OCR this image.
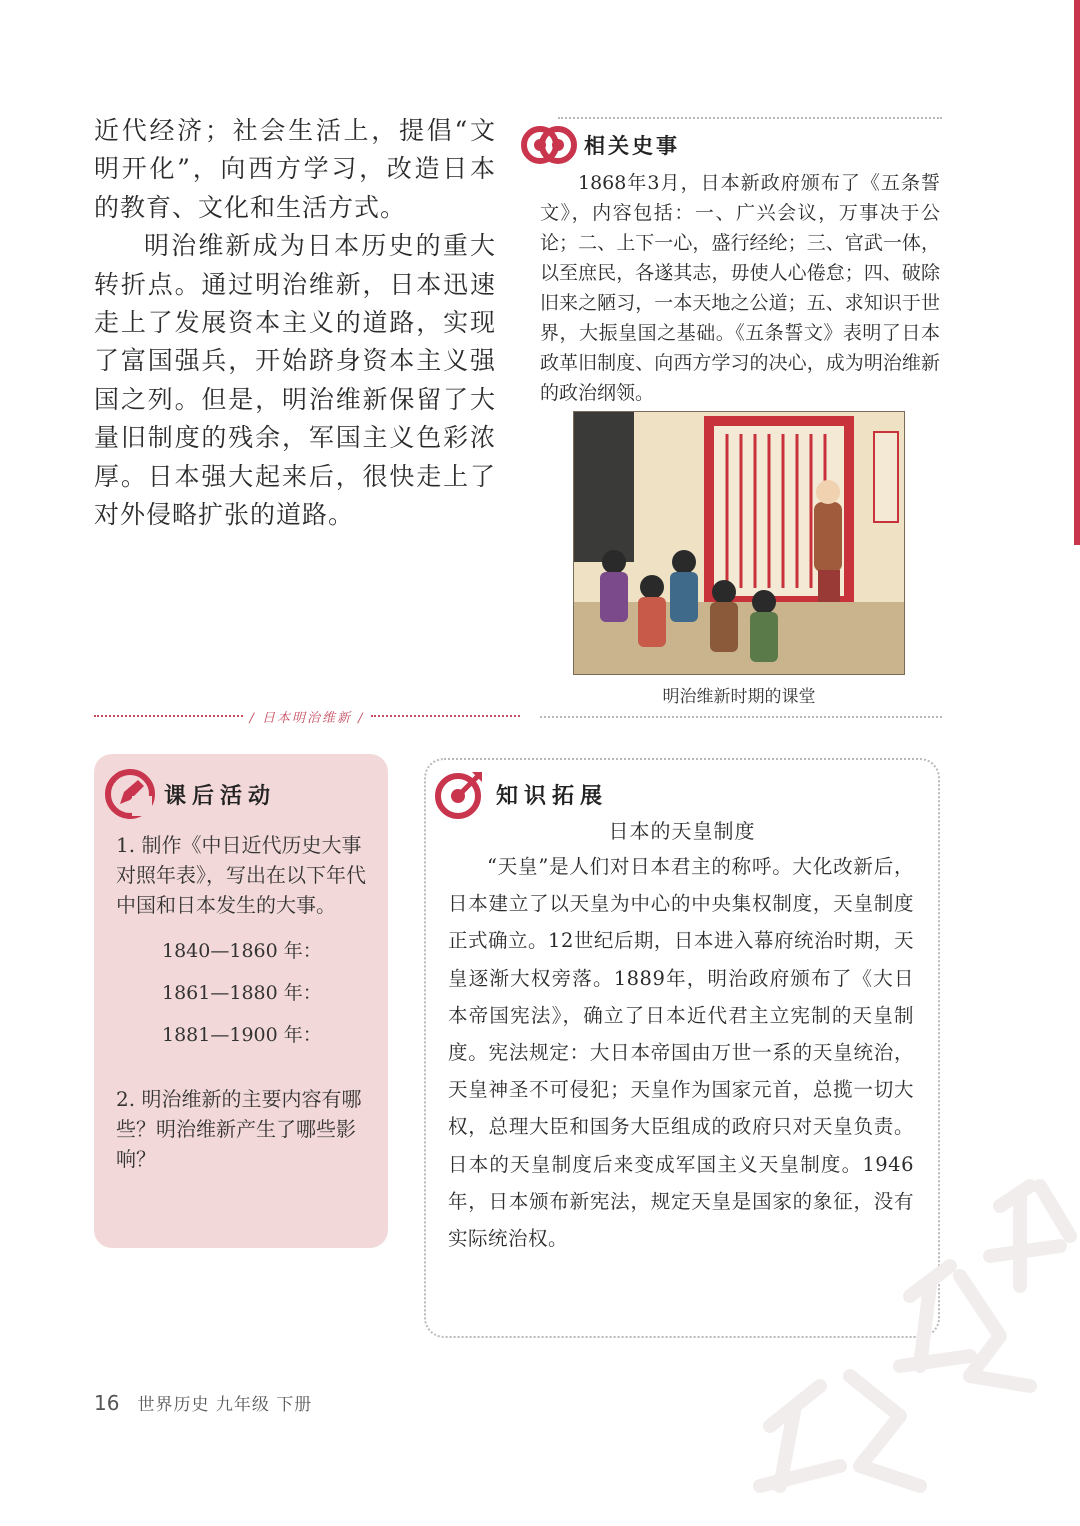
近代经济；社会生活上，提倡“文明开化”，向西方学习，改造日本的教育、文化和生活方式。

明治维新成为日本历史的重大转折点。通过明治维新，日本迅速走上了发展资本主义的道路，实现了富国强兵，开始跻身资本主义强国之列。但是，明治维新保留了大量旧制度的残余，军国主义色彩浓厚。日本强大起来后，很快走上了对外侵略扩张的道路。

相关史事

1868年3月，日本新政府颁布了《五条誓文》，内容包括：一、广兴会议，万事决于公论；二、上下一心，盛行经纶；三、官武一体，以至庶民，各遂其志，毋使人心倦怠；四、破除旧来之陋习，一本天地之公道；五、求知识于世界，大振皇国之基础。《五条誓文》表明了日本政革旧制度、向西方学习的决心，成为明治维新的政治纲领。

明治维新时期的课堂
/ 日本明治维新 /
课后活动

1. 制作《中日近代历史大事对照年表》，写出在以下年代中国和日本发生的大事。

1840—1860 年：

1861—1880 年：

1881—1900 年：

2. 明治维新的主要内容有哪些？明治维新产生了哪些影响？

知识拓展
日本的天皇制度

“天皇”是人们对日本君主的称呼。大化改新后，日本建立了以天皇为中心的中央集权制度，天皇制度正式确立。12世纪后期，日本进入幕府统治时期，天皇逐渐大权旁落。1889年，明治政府颁布了《大日本帝国宪法》，确立了日本近代君主立宪制的天皇制度。宪法规定：大日本帝国由万世一系的天皇统治，天皇神圣不可侵犯；天皇作为国家元首，总揽一切大权，总理大臣和国务大臣组成的政府只对天皇负责。日本的天皇制度后来变成军国主义天皇制度。1946年，日本颁布新宪法，规定天皇是国家的象征，没有实际统治权。

16 世界历史 九年级 下册
